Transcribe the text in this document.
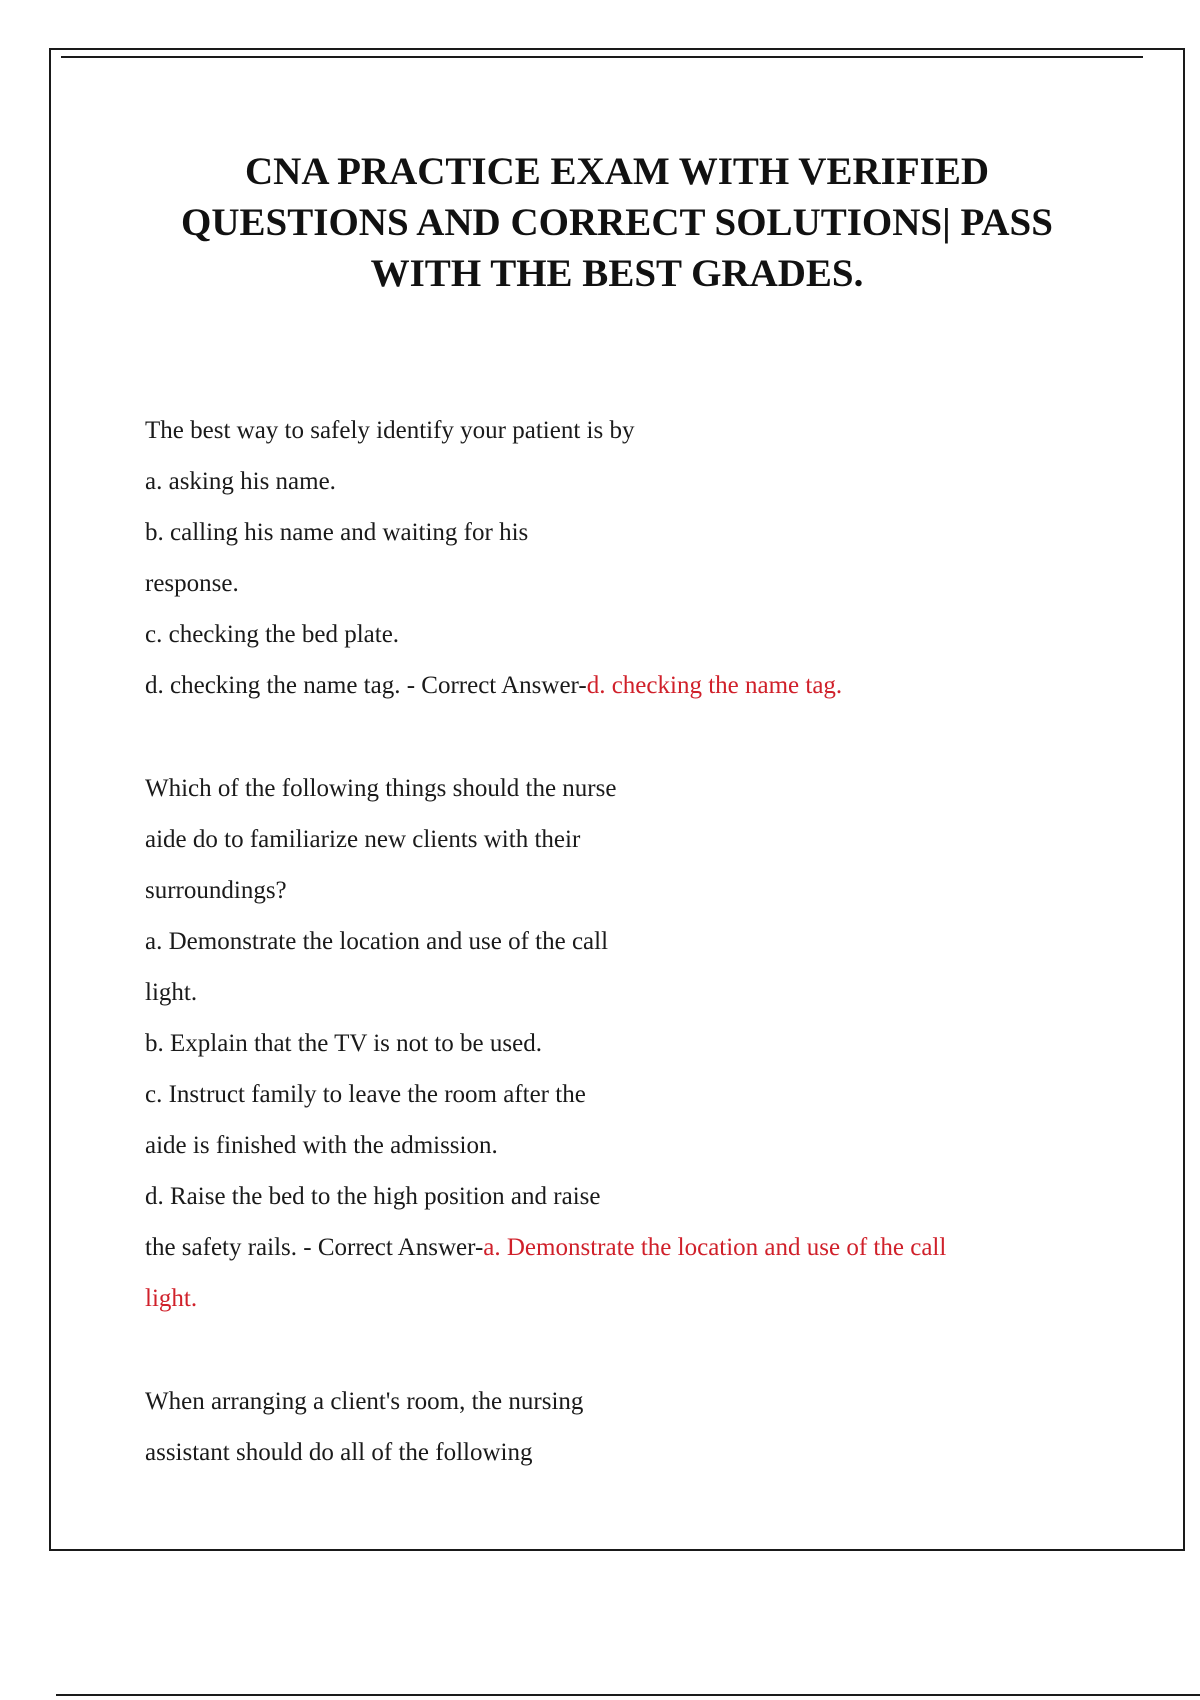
CNA PRACTICE EXAM WITH VERIFIED
QUESTIONS AND CORRECT SOLUTIONS| PASS
WITH THE BEST GRADES.
The best way to safely identify your patient is by
a. asking his name.
b. calling his name and waiting for his
response.
c. checking the bed plate.
d. checking the name tag. - Correct Answer-d. checking the name tag.
Which of the following things should the nurse
aide do to familiarize new clients with their
surroundings?
a. Demonstrate the location and use of the call
light.
b. Explain that the TV is not to be used.
c. Instruct family to leave the room after the
aide is finished with the admission.
d. Raise the bed to the high position and raise
the safety rails. - Correct Answer-a. Demonstrate the location and use of the call
light.
When arranging a client's room, the nursing
assistant should do all of the following
